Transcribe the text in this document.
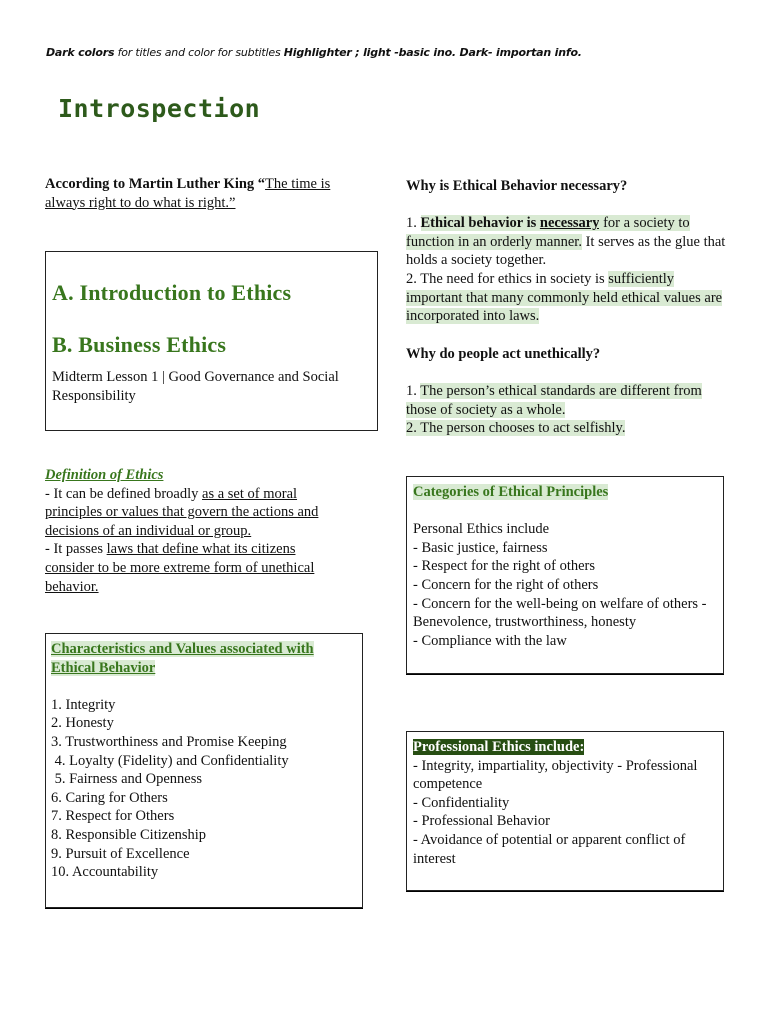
Dark colors for titles and color for subtitles Highlighter ; light -basic ino. Dark- importan info.
Introspection
According to Martin Luther King “The time is always right to do what is right.”
A. Introduction to Ethics
B. Business Ethics
Midterm Lesson 1 | Good Governance and Social Responsibility
Definition of Ethics
- It can be defined broadly as a set of moral principles or values that govern the actions and decisions of an individual or group.
- It passes laws that define what its citizens consider to be more extreme form of unethical behavior.
Characteristics and Values associated with Ethical Behavior
1. Integrity
2. Honesty
3. Trustworthiness and Promise Keeping
4. Loyalty (Fidelity) and Confidentiality
5. Fairness and Openness
6. Caring for Others
7. Respect for Others
8. Responsible Citizenship
9. Pursuit of Excellence
10. Accountability
Why is Ethical Behavior necessary?
1. Ethical behavior is necessary for a society to function in an orderly manner. It serves as the glue that holds a society together.
2. The need for ethics in society is sufficiently important that many commonly held ethical values are incorporated into laws.
Why do people act unethically?
1. The person’s ethical standards are different from those of society as a whole.
2. The person chooses to act selfishly.
Categories of Ethical Principles
Personal Ethics include
- Basic justice, fairness
- Respect for the right of others
- Concern for the right of others
- Concern for the well-being on welfare of others - Benevolence, trustworthiness, honesty
- Compliance with the law
Professional Ethics include:
- Integrity, impartiality, objectivity - Professional competence
- Confidentiality
- Professional Behavior
- Avoidance of potential or apparent conflict of interest
